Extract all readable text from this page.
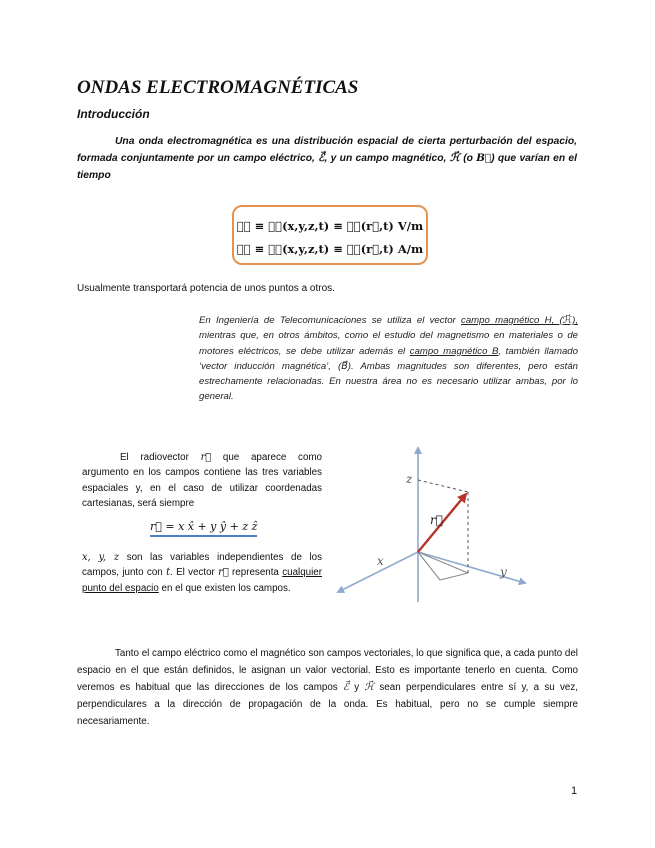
ONDAS ELECTROMAGNÉTICAS
Introducción

Una onda electromagnética es una distribución espacial de cierta perturbación del espacio, formada conjuntamente por un campo eléctrico, ℰ⃗, y un campo magnético, ℋ⃗ (o B⃗) que varían en el tiempo

ℰ⃗ ≡ ℰ⃗(x,y,z,t) ≡ ℰ⃗(r⃗,t) V/m
ℋ⃗ ≡ ℋ⃗(x,y,z,t) ≡ ℋ⃗(r⃗,t) A/m

Usualmente transportará potencia de unos puntos a otros.

En Ingeniería de Telecomunicaciones se utiliza el vector campo magnético H, (ℋ⃗), mientras que, en otros ámbitos, como el estudio del magnetismo en materiales o de motores eléctricos, se debe utilizar además el campo magnético B, también llamado ‘vector inducción magnética’, (B⃗). Ambas magnitudes son diferentes, pero están estrechamente relacionadas. En nuestra área no es necesario utilizar ambas, por lo general.

El radiovector r⃗ que aparece como argumento en los campos contiene las tres variables espaciales y, en el caso de utilizar coordenadas cartesianas, será siempre

r⃗ = x x̂ + y ŷ + z ẑ

x, y, z son las variables independientes de los campos, junto con t. El vector r⃗ representa cualquier punto del espacio en el que existen los campos.

z
x
y
r⃗

Tanto el campo eléctrico como el magnético son campos vectoriales, lo que significa que, a cada punto del espacio en el que están definidos, le asignan un valor vectorial. Esto es importante tenerlo en cuenta. Como veremos es habitual que las direcciones de los campos ℰ⃗ y ℋ⃗ sean perpendiculares entre sí y, a su vez, perpendiculares a la dirección de propagación de la onda. Es habitual, pero no se cumple siempre necesariamente.

1
